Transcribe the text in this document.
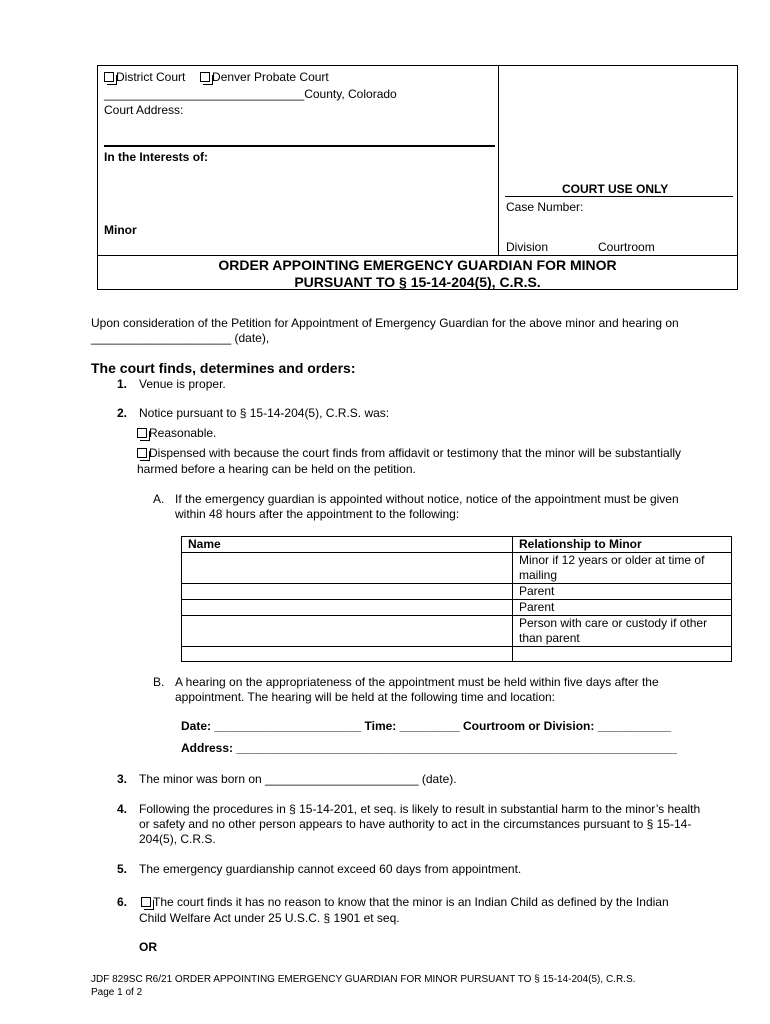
District Court Denver Probate Court
______________________________County, Colorado
Court Address:
In the Interests of:
Minor
COURT USE ONLY
Case Number:
Division	Courtroom
ORDER APPOINTING EMERGENCY GUARDIAN FOR MINOR
PURSUANT TO § 15-14-204(5), C.R.S.
Upon consideration of the Petition for Appointment of Emergency Guardian for the above minor and hearing on
_____________________ (date),
The court finds, determines and orders:
1. Venue is proper.
2. Notice pursuant to § 15-14-204(5), C.R.S. was:
Reasonable.
Dispensed with because the court finds from affidavit or testimony that the minor will be substantially
harmed before a hearing can be held on the petition.
A. If the emergency guardian is appointed without notice, notice of the appointment must be given
within 48 hours after the appointment to the following:
Name	Relationship to Minor
	Minor if 12 years or older at time of mailing
	Parent
	Parent
	Person with care or custody if other than parent

B. A hearing on the appropriateness of the appointment must be held within five days after the
appointment. The hearing will be held at the following time and location:
Date: ______________________ Time: _________ Courtroom or Division: ___________
Address: __________________________________________________________________
3. The minor was born on _______________________ (date).
4. Following the procedures in § 15-14-201, et seq. is likely to result in substantial harm to the minor’s health
or safety and no other person appears to have authority to act in the circumstances pursuant to § 15-14-
204(5), C.R.S.
5. The emergency guardianship cannot exceed 60 days from appointment.
6.	The court finds it has no reason to know that the minor is an Indian Child as defined by the Indian
Child Welfare Act under 25 U.S.C. § 1901 et seq.
OR
JDF 829SC R6/21 ORDER APPOINTING EMERGENCY GUARDIAN FOR MINOR PURSUANT TO § 15-14-204(5), C.R.S.
Page 1 of 2
